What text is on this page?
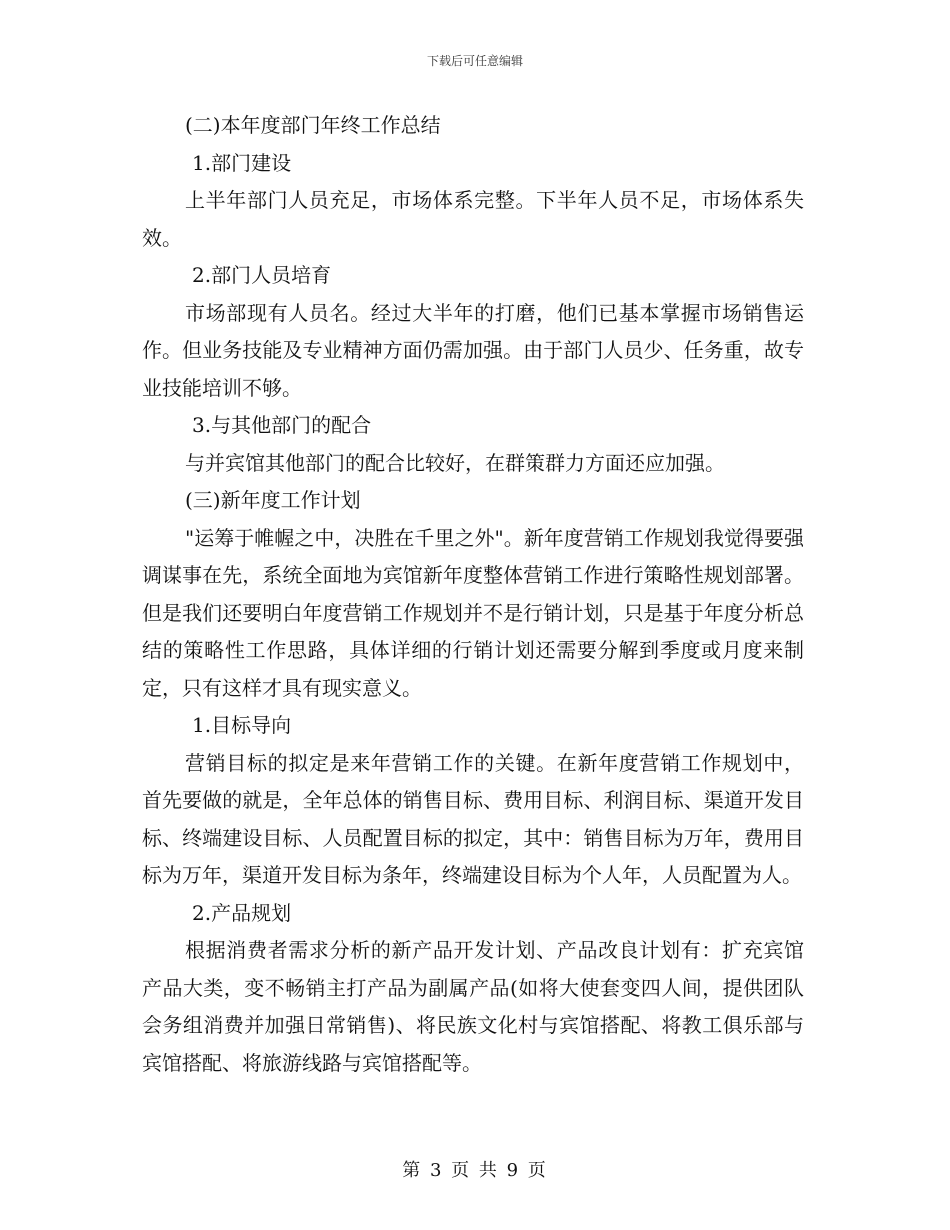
下载后可任意编辑

(二)本年度部门年终工作总结

1.部门建设

上半年部门人员充足，市场体系完整。下半年人员不足，市场体系失效。

2.部门人员培育

市场部现有人员名。经过大半年的打磨，他们已基本掌握市场销售运作。但业务技能及专业精神方面仍需加强。由于部门人员少、任务重，故专业技能培训不够。

3.与其他部门的配合

与并宾馆其他部门的配合比较好，在群策群力方面还应加强。

(三)新年度工作计划

"运筹于帷幄之中，决胜在千里之外"。新年度营销工作规划我觉得要强调谋事在先，系统全面地为宾馆新年度整体营销工作进行策略性规划部署。但是我们还要明白年度营销工作规划并不是行销计划，只是基于年度分析总结的策略性工作思路，具体详细的行销计划还需要分解到季度或月度来制定，只有这样才具有现实意义。

1.目标导向

营销目标的拟定是来年营销工作的关键。在新年度营销工作规划中，首先要做的就是，全年总体的销售目标、费用目标、利润目标、渠道开发目标、终端建设目标、人员配置目标的拟定，其中：销售目标为万年，费用目标为万年，渠道开发目标为条年，终端建设目标为个人年，人员配置为人。

2.产品规划

根据消费者需求分析的新产品开发计划、产品改良计划有：扩充宾馆产品大类，变不畅销主打产品为副属产品(如将大使套变四人间，提供团队会务组消费并加强日常销售)、将民族文化村与宾馆搭配、将教工俱乐部与宾馆搭配、将旅游线路与宾馆搭配等。

第 3 页 共 9 页
